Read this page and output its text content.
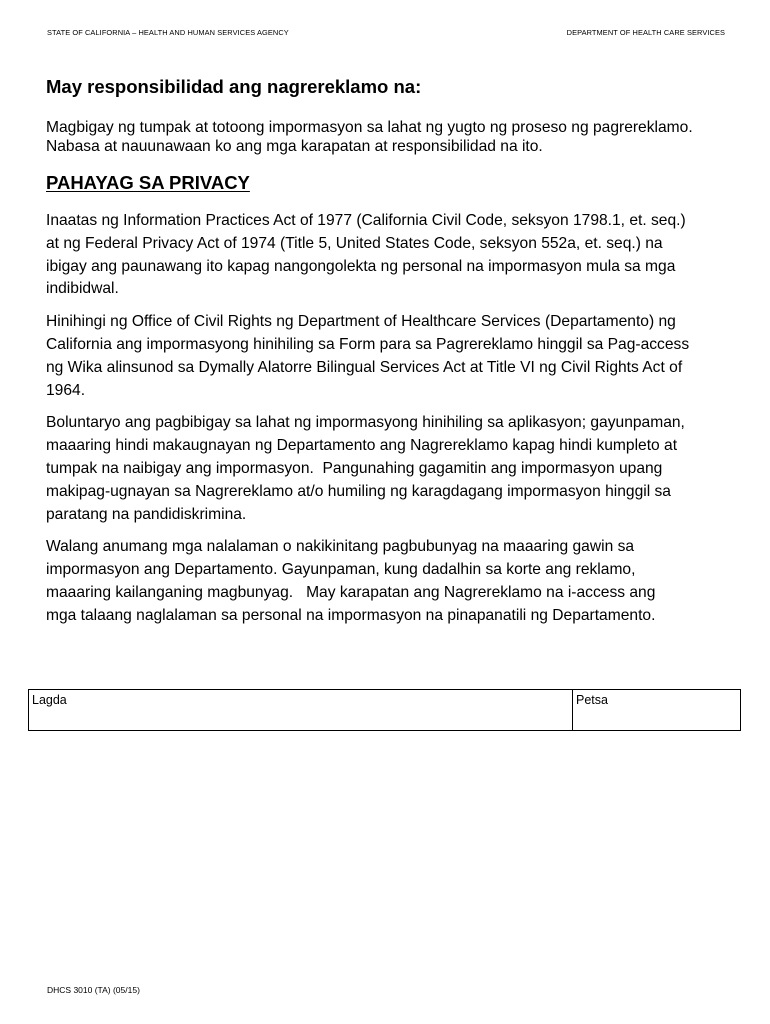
STATE OF CALIFORNIA – HEALTH AND HUMAN SERVICES AGENCY	DEPARTMENT OF HEALTH CARE SERVICES
May responsibilidad ang nagrereklamo na:
Magbigay ng tumpak at totoong impormasyon sa lahat ng yugto ng proseso ng pagrereklamo.
Nabasa at nauunawaan ko ang mga karapatan at responsibilidad na ito.
PAHAYAG SA PRIVACY

Inaatas ng Information Practices Act of 1977 (California Civil Code, seksyon 1798.1, et. seq.)
at ng Federal Privacy Act of 1974 (Title 5, United States Code, seksyon 552a, et. seq.) na
ibigay ang paunawang ito kapag nangongolekta ng personal na impormasyon mula sa mga
indibidwal.

Hinihingi ng Office of Civil Rights ng Department of Healthcare Services (Departamento) ng
California ang impormasyong hinihiling sa Form para sa Pagrereklamo hinggil sa Pag-access
ng Wika alinsunod sa Dymally Alatorre Bilingual Services Act at Title VI ng Civil Rights Act of
1964.

Boluntaryo ang pagbibigay sa lahat ng impormasyong hinihiling sa aplikasyon; gayunpaman,
maaaring hindi makaugnayan ng Departamento ang Nagrereklamo kapag hindi kumpleto at
tumpak na naibigay ang impormasyon.  Pangunahing gagamitin ang impormasyon upang
makipag-ugnayan sa Nagrereklamo at/o humiling ng karagdagang impormasyon hinggil sa
paratang na pandidiskrimina.

Walang anumang mga nalalaman o nakikinitang pagbubunyag na maaaring gawin sa
impormasyon ang Departamento. Gayunpaman, kung dadalhin sa korte ang reklamo,
maaaring kailanganing magbunyag.   May karapatan ang Nagrereklamo na i-access ang
mga talaang naglalaman sa personal na impormasyon na pinapanatili ng Departamento.

Lagda	Petsa
DHCS 3010 (TA) (05/15)
